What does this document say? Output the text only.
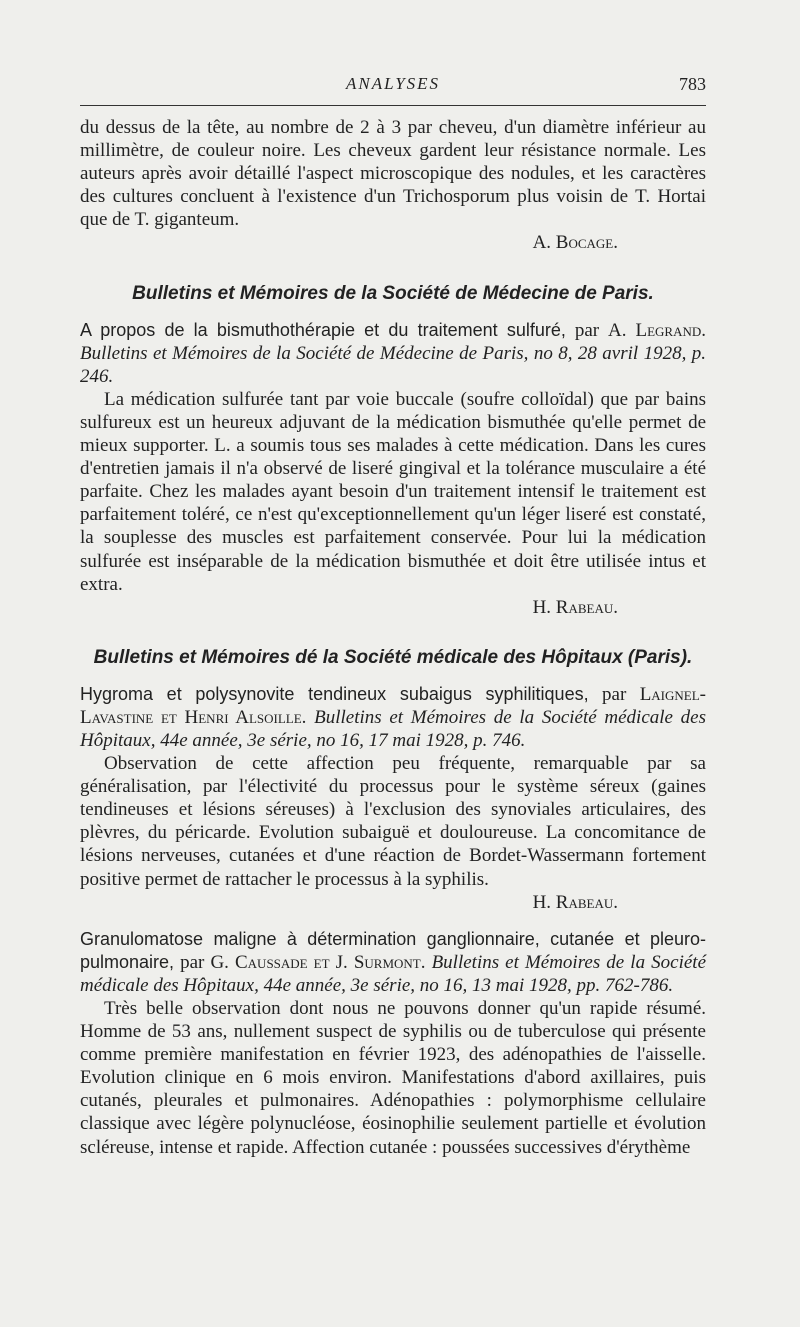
ANALYSES	783

du dessus de la tête, au nombre de 2 à 3 par cheveu, d'un diamètre inférieur au millimètre, de couleur noire. Les cheveux gardent leur résistance normale. Les auteurs après avoir détaillé l'aspect microscopique des nodules, et les caractères des cultures concluent à l'existence d'un Trichosporum plus voisin de T. Hortai que de T. giganteum.
A. Bocage.

Bulletins et Mémoires de la Société de Médecine de Paris.

A propos de la bismuthothérapie et du traitement sulfuré, par A. Legrand. Bulletins et Mémoires de la Société de Médecine de Paris, no 8, 28 avril 1928, p. 246.

La médication sulfurée tant par voie buccale (soufre colloïdal) que par bains sulfureux est un heureux adjuvant de la médication bismuthée qu'elle permet de mieux supporter. L. a soumis tous ses malades à cette médication. Dans les cures d'entretien jamais il n'a observé de liseré gingival et la tolérance musculaire a été parfaite. Chez les malades ayant besoin d'un traitement intensif le traitement est parfaitement toléré, ce n'est qu'exceptionnellement qu'un léger liseré est constaté, la souplesse des muscles est parfaitement conservée. Pour lui la médication sulfurée est inséparable de la médication bismuthée et doit être utilisée intus et extra.
H. Rabeau.

Bulletins et Mémoires dé la Société médicale des Hôpitaux (Paris).

Hygroma et polysynovite tendineux subaigus syphilitiques, par Laignel-Lavastine et Henri Alsoille. Bulletins et Mémoires de la Société médicale des Hôpitaux, 44e année, 3e série, no 16, 17 mai 1928, p. 746.

Observation de cette affection peu fréquente, remarquable par sa généralisation, par l'électivité du processus pour le système séreux (gaines tendineuses et lésions séreuses) à l'exclusion des synoviales articulaires, des plèvres, du péricarde. Evolution subaiguë et douloureuse. La concomitance de lésions nerveuses, cutanées et d'une réaction de Bordet-Wassermann fortement positive permet de rattacher le processus à la syphilis.
H. Rabeau.

Granulomatose maligne à détermination ganglionnaire, cutanée et pleuro-pulmonaire, par G. Caussade et J. Surmont. Bulletins et Mémoires de la Société médicale des Hôpitaux, 44e année, 3e série, no 16, 13 mai 1928, pp. 762-786.

Très belle observation dont nous ne pouvons donner qu'un rapide résumé. Homme de 53 ans, nullement suspect de syphilis ou de tuberculose qui présente comme première manifestation en février 1923, des adénopathies de l'aisselle. Evolution clinique en 6 mois environ. Manifestations d'abord axillaires, puis cutanés, pleurales et pulmonaires. Adénopathies : polymorphisme cellulaire classique avec légère polynucléose, éosinophilie seulement partielle et évolution scléreuse, intense et rapide. Affection cutanée : poussées successives d'érythème
